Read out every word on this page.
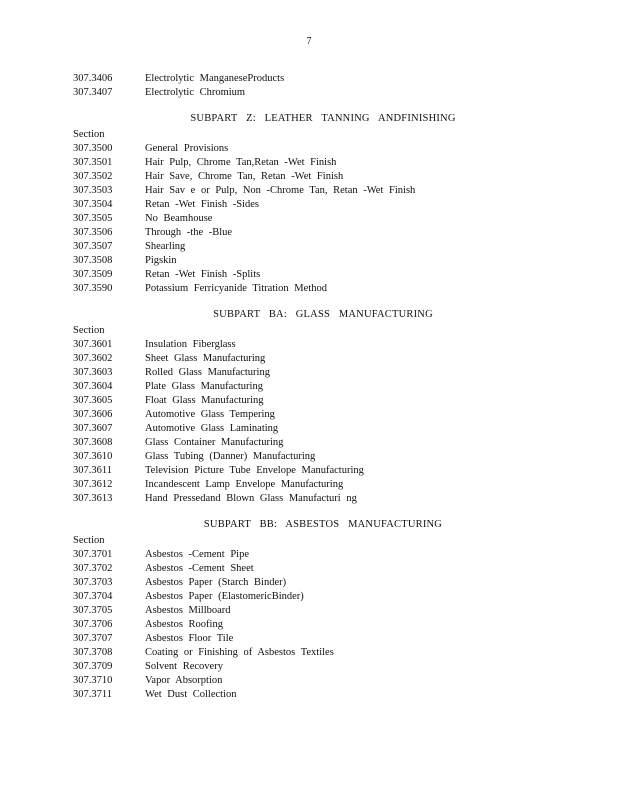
7
307.3406	Electrolytic ManganeseProducts
307.3407	Electrolytic Chromium
SUBPART Z: LEATHER TANNING ANDFINISHING
Section
307.3500	General Provisions
307.3501	Hair Pulp, Chrome Tan,Retan -Wet Finish
307.3502	Hair Save, Chrome Tan, Retan -Wet Finish
307.3503	Hair Sav e or Pulp, Non -Chrome Tan, Retan -Wet Finish
307.3504	Retan -Wet Finish -Sides
307.3505	No Beamhouse
307.3506	Through -the -Blue
307.3507	Shearling
307.3508	Pigskin
307.3509	Retan -Wet Finish -Splits
307.3590	Potassium Ferricyanide Titration Method
SUBPART BA: GLASS MANUFACTURING
Section
307.3601	Insulation Fiberglass
307.3602	Sheet Glass Manufacturing
307.3603	Rolled Glass Manufacturing
307.3604	Plate Glass Manufacturing
307.3605	Float Glass Manufacturing
307.3606	Automotive Glass Tempering
307.3607	Automotive Glass Laminating
307.3608	Glass Container Manufacturing
307.3610	Glass Tubing (Danner) Manufacturing
307.3611	Television Picture Tube Envelope Manufacturing
307.3612	Incandescent Lamp Envelope Manufacturing
307.3613	Hand Pressedand Blown Glass Manufacturi ng
SUBPART BB: ASBESTOS MANUFACTURING
Section
307.3701	Asbestos -Cement Pipe
307.3702	Asbestos -Cement Sheet
307.3703	Asbestos Paper (Starch Binder)
307.3704	Asbestos Paper (ElastomericBinder)
307.3705	Asbestos Millboard
307.3706	Asbestos Roofing
307.3707	Asbestos Floor Tile
307.3708	Coating or Finishing of Asbestos Textiles
307.3709	Solvent Recovery
307.3710	Vapor Absorption
307.3711	Wet Dust Collection
